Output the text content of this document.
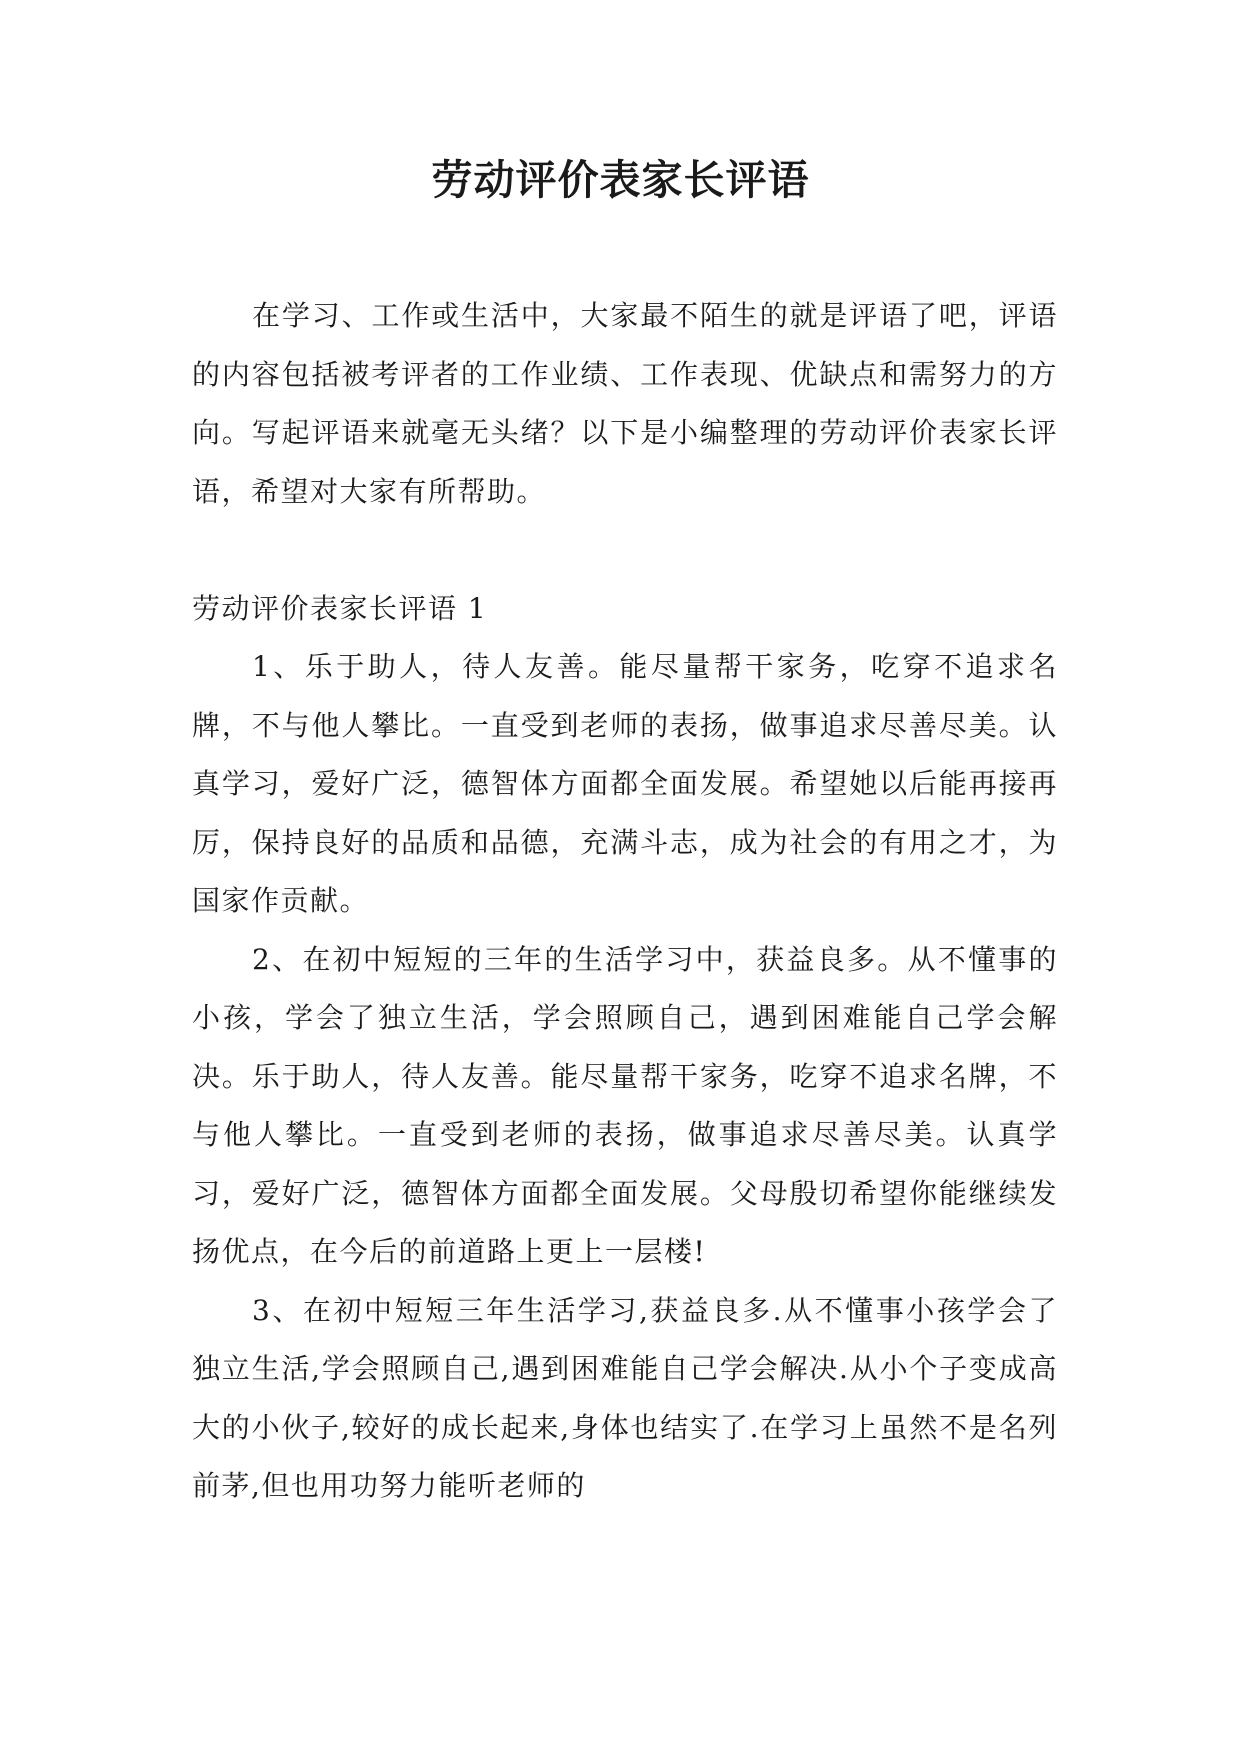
劳动评价表家长评语

在学习、工作或生活中，大家最不陌生的就是评语了吧，评语的内容包括被考评者的工作业绩、工作表现、优缺点和需努力的方向。写起评语来就毫无头绪？以下是小编整理的劳动评价表家长评语，希望对大家有所帮助。

劳动评价表家长评语 1

1、乐于助人，待人友善。能尽量帮干家务，吃穿不追求名牌，不与他人攀比。一直受到老师的表扬，做事追求尽善尽美。认真学习，爱好广泛，德智体方面都全面发展。希望她以后能再接再厉，保持良好的品质和品德，充满斗志，成为社会的有用之才，为国家作贡献。

2、在初中短短的三年的生活学习中，获益良多。从不懂事的小孩，学会了独立生活，学会照顾自己，遇到困难能自己学会解决。乐于助人，待人友善。能尽量帮干家务，吃穿不追求名牌，不与他人攀比。一直受到老师的表扬，做事追求尽善尽美。认真学习，爱好广泛，德智体方面都全面发展。父母殷切希望你能继续发扬优点，在今后的前道路上更上一层楼!

3、在初中短短三年生活学习,获益良多.从不懂事小孩学会了独立生活,学会照顾自己,遇到困难能自己学会解决.从小个子变成高大的小伙子,较好的成长起来,身体也结实了.在学习上虽然不是名列前茅,但也用功努力能听老师的
